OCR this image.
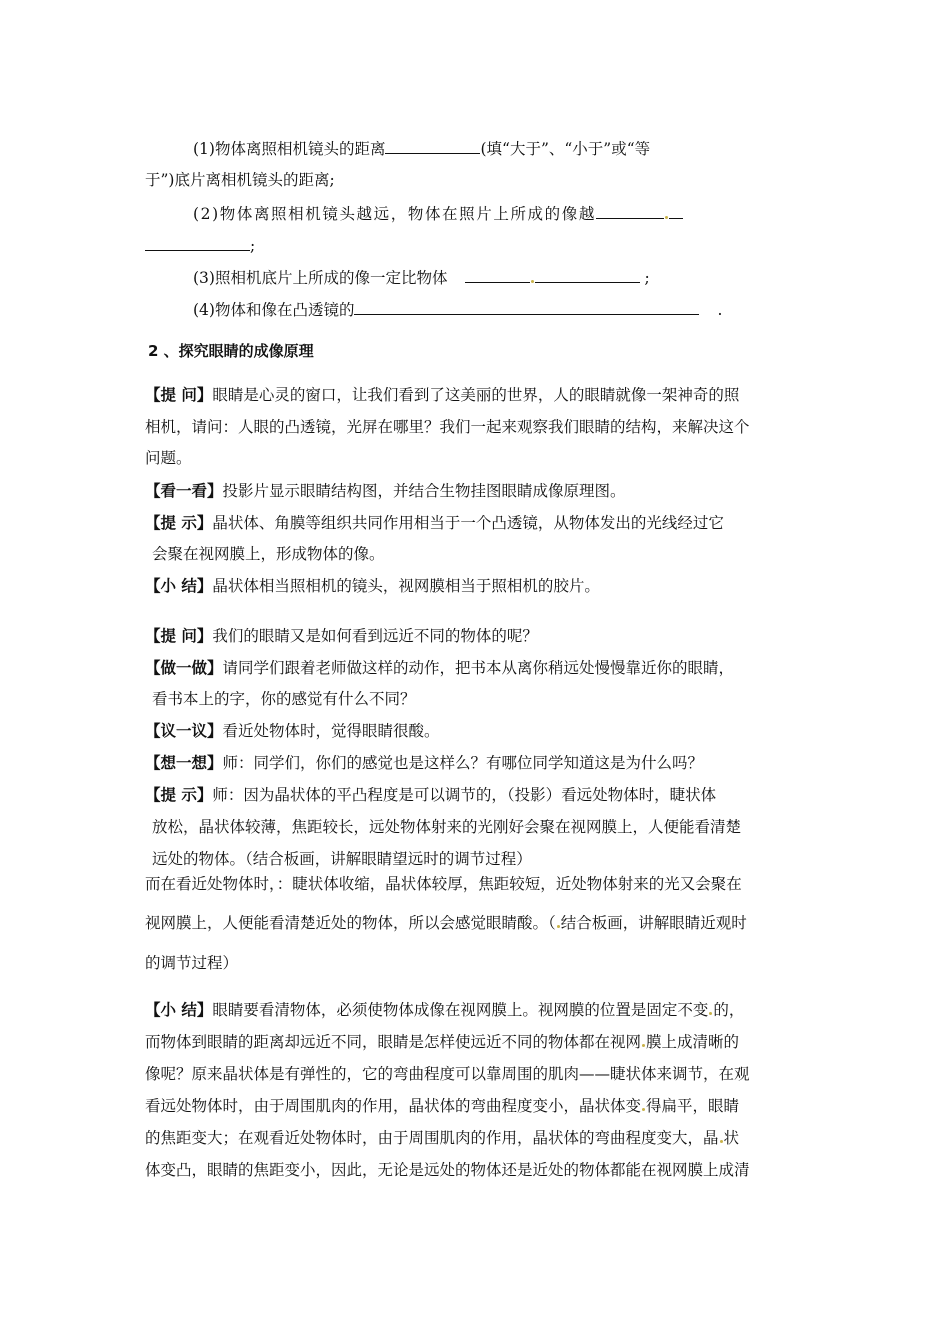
(1)物体离照相机镜头的距离	(填“大于”、“小于”或“等
于”)底片离相机镜头的距离;
(2)物体离照相机镜头越远，物体在照片上所成的像越
;
(3)照相机底片上所成的像一定比物体	;
(4)物体和像在凸透镜的	.
2 、探究眼睛的成像原理
【提 问】眼睛是心灵的窗口，让我们看到了这美丽的世界，人的眼睛就像一架神奇的照
相机，请问：人眼的凸透镜，光屏在哪里？我们一起来观察我们眼睛的结构，来解决这个
问题。
【看一看】投影片显示眼睛结构图，并结合生物挂图眼睛成像原理图。
【提 示】晶状体、角膜等组织共同作用相当于一个凸透镜，从物体发出的光线经过它
会聚在视网膜上，形成物体的像。
【小 结】晶状体相当照相机的镜头，视网膜相当于照相机的胶片。
【提 问】我们的眼睛又是如何看到远近不同的物体的呢？
【做一做】请同学们跟着老师做这样的动作，把书本从离你稍远处慢慢靠近你的眼睛，
看书本上的字，你的感觉有什么不同？
【议一议】看近处物体时，觉得眼睛很酸。
【想一想】师：同学们，你们的感觉也是这样么？有哪位同学知道这是为什么吗？
【提 示】师：因为晶状体的平凸程度是可以调节的，（投影）看远处物体时，睫状体
放松，晶状体较薄，焦距较长，远处物体射来的光刚好会聚在视网膜上，人便能看清楚
远处的物体。（结合板画，讲解眼睛望远时的调节过程）
而在看近处物体时，：睫状体收缩，晶状体较厚，焦距较短，近处物体射来的光又会聚在
视网膜上，人便能看清楚近处的物体，所以会感觉眼睛酸。（ 结合板画，讲解眼睛近观时
的调节过程）
【小 结】眼睛要看清物体，必须使物体成像在视网膜上。视网膜的位置是固定不变 的，
而物体到眼睛的距离却远近不同，眼睛是怎样使远近不同的物体都在视网 膜上成清晰的
像呢？原来晶状体是有弹性的，它的弯曲程度可以靠周围的肌肉——睫状体来调节，在观
看远处物体时，由于周围肌肉的作用，晶状体的弯曲程度变小，晶状体变 得扁平，眼睛
的焦距变大；在观看近处物体时，由于周围肌肉的作用，晶状体的弯曲程度变大，晶 状
体变凸，眼睛的焦距变小，因此，无论是远处的物体还是近处的物体都能在视网膜上成清
